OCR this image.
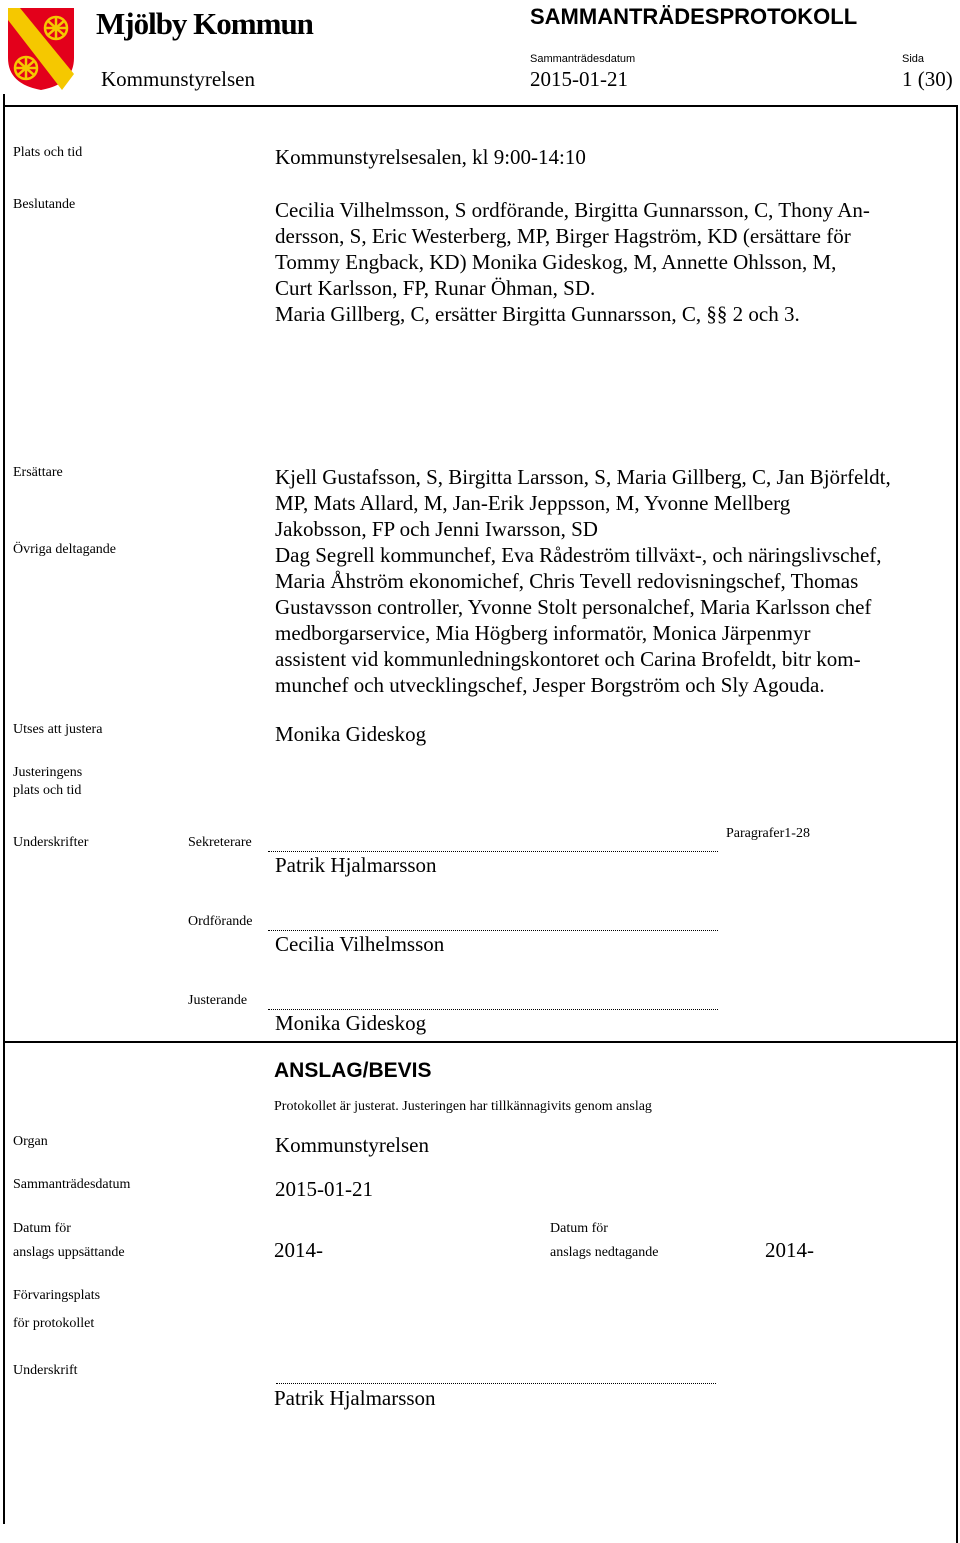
Mjölby Kommun	SAMMANTRÄDESPROTOKOLL
Kommunstyrelsen
Sammanträdesdatum
2015-01-21
Sida
1 (30)
Plats och tid	Kommunstyrelsesalen, kl 9:00-14:10
Beslutande	Cecilia Vilhelmsson, S ordförande, Birgitta Gunnarsson, C, Thony An-
dersson, S, Eric Westerberg, MP, Birger Hagström, KD (ersättare för
Tommy Engback, KD) Monika Gideskog, M, Annette Ohlsson, M,
Curt Karlsson, FP, Runar Öhman, SD.
Maria Gillberg, C, ersätter Birgitta Gunnarsson, C, §§ 2 och 3.
Ersättare	Kjell Gustafsson, S, Birgitta Larsson, S, Maria Gillberg, C, Jan Björfeldt,
MP, Mats Allard, M, Jan-Erik Jeppsson, M, Yvonne Mellberg
Jakobsson, FP och Jenni Iwarsson, SD
Övriga deltagande	Dag Segrell kommunchef, Eva Rådeström tillväxt-, och näringslivschef,
Maria Åhström ekonomichef, Chris Tevell redovisningschef, Thomas
Gustavsson controller, Yvonne Stolt personalchef, Maria Karlsson chef
medborgarservice, Mia Högberg informatör, Monica Järpenmyr
assistent vid kommunledningskontoret och Carina Brofeldt, bitr kom-
munchef och utvecklingschef, Jesper Borgström och Sly Agouda.
Utses att justera	Monika Gideskog
Justeringens
plats och tid
Underskrifter	Sekreterare
Patrik Hjalmarsson
Paragrafer1-28
Ordförande
Cecilia Vilhelmsson
Justerande
Monika Gideskog
ANSLAG/BEVIS
Protokollet är justerat. Justeringen har tillkännagivits genom anslag
Organ	Kommunstyrelsen
Sammanträdesdatum	2015-01-21
Datum för
anslags uppsättande	2014-
Datum för
anslags nedtagande	2014-
Förvaringsplats
för protokollet
Underskrift
Patrik Hjalmarsson
